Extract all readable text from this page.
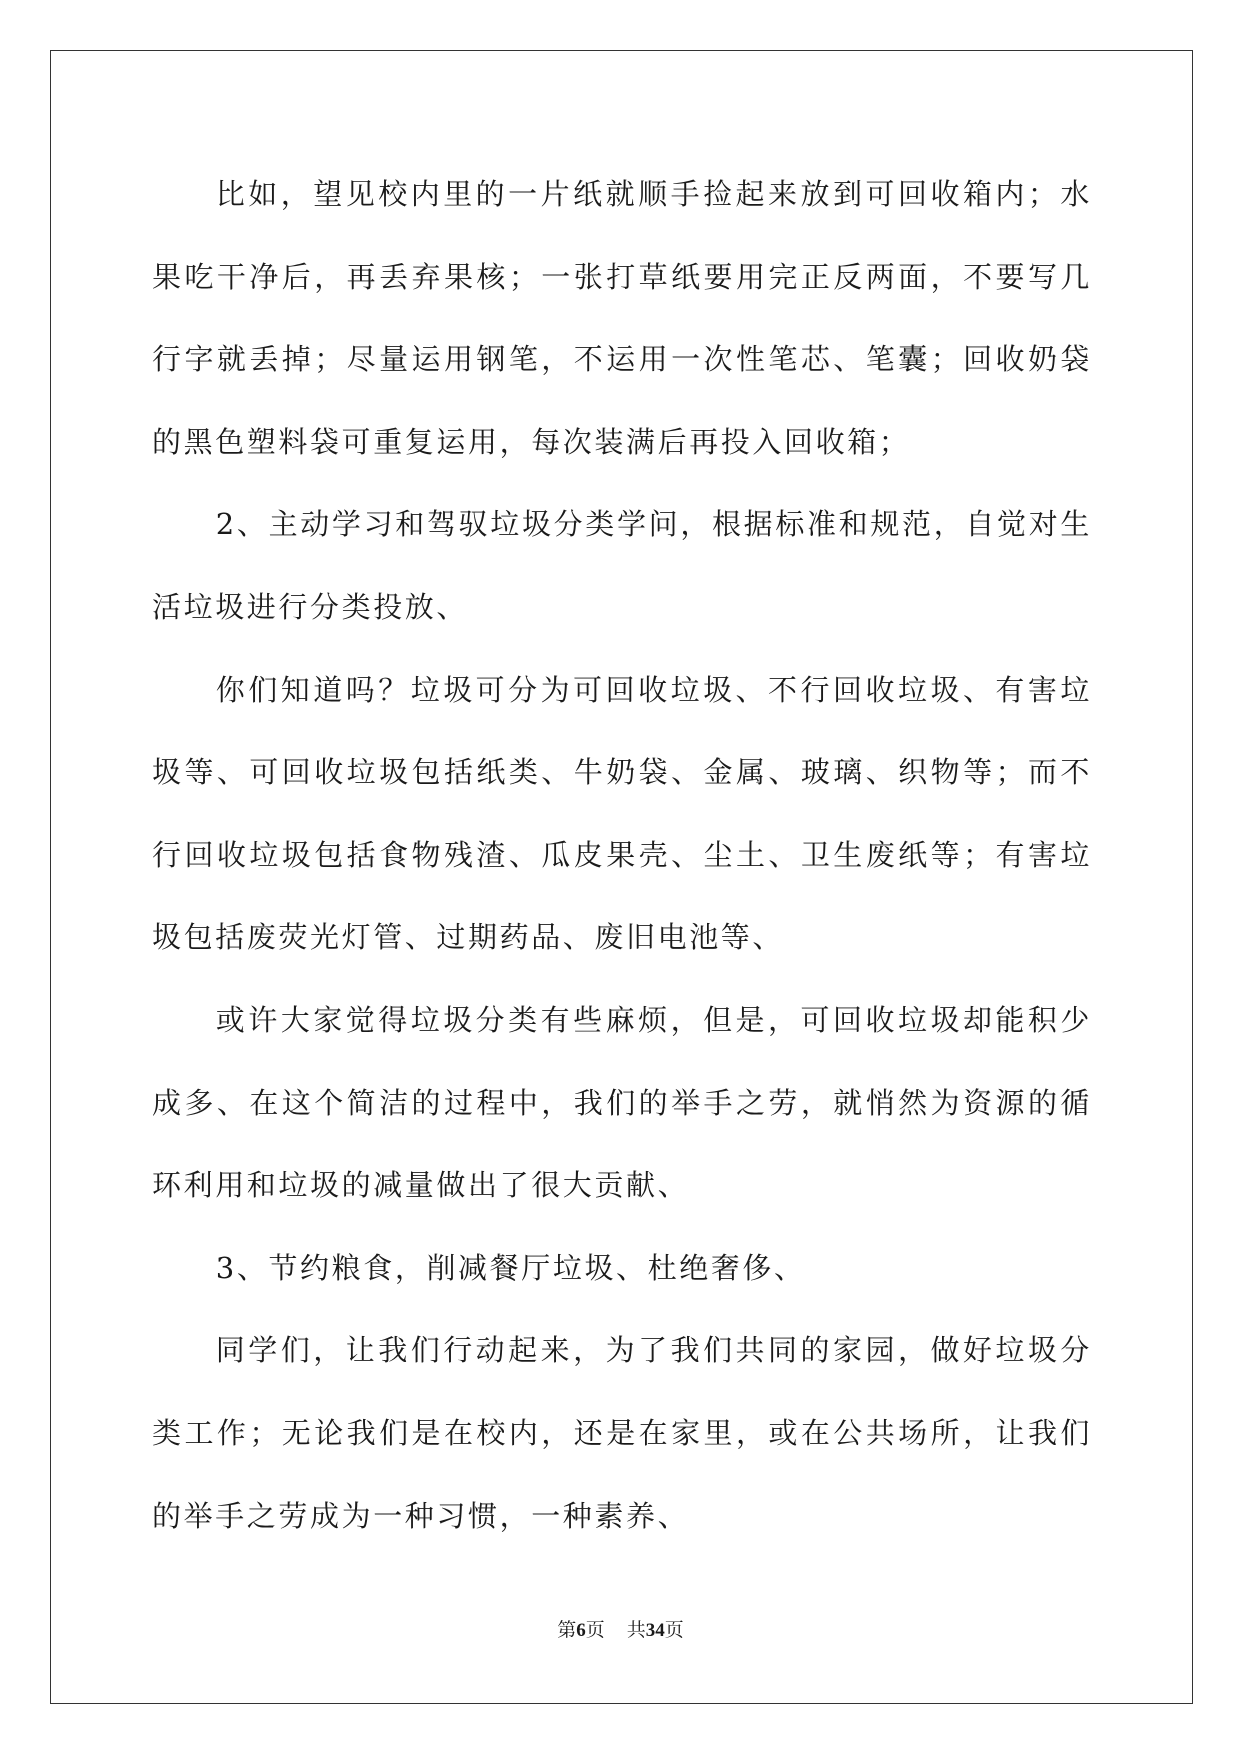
比如，望见校内里的一片纸就顺手捡起来放到可回收箱内；水果吃干净后，再丢弃果核；一张打草纸要用完正反两面，不要写几行字就丢掉；尽量运用钢笔，不运用一次性笔芯、笔囊；回收奶袋的黑色塑料袋可重复运用，每次装满后再投入回收箱；

2、主动学习和驾驭垃圾分类学问，根据标准和规范，自觉对生活垃圾进行分类投放、

你们知道吗？垃圾可分为可回收垃圾、不行回收垃圾、有害垃圾等、可回收垃圾包括纸类、牛奶袋、金属、玻璃、织物等；而不行回收垃圾包括食物残渣、瓜皮果壳、尘土、卫生废纸等；有害垃圾包括废荧光灯管、过期药品、废旧电池等、

或许大家觉得垃圾分类有些麻烦，但是，可回收垃圾却能积少成多、在这个简洁的过程中，我们的举手之劳，就悄然为资源的循环利用和垃圾的减量做出了很大贡献、

3、节约粮食，削减餐厅垃圾、杜绝奢侈、

同学们，让我们行动起来，为了我们共同的家园，做好垃圾分类工作；无论我们是在校内，还是在家里，或在公共场所，让我们的举手之劳成为一种习惯，一种素养、

第6页 共34页
